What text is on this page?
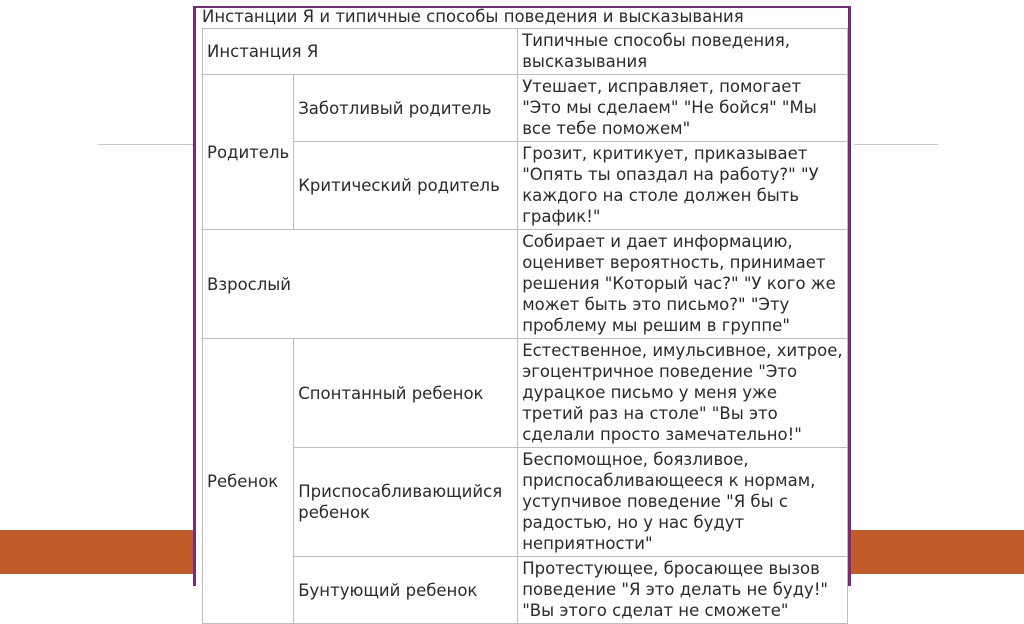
Инстанции Я и типичные способы поведения и высказывания
Инстанция Я		Типичные способы поведения, высказывания
Родитель	Заботливый родитель	Утешает, исправляет, помогает "Это мы сделаем" "Не бойся" "Мы все тебе поможем"
	Критический родитель	Грозит, критикует, приказывает "Опять ты опаздал на работу?" "У каждого на столе должен быть график!"
Взрослый		Собирает и дает информацию, оценивет вероятность, принимает решения "Который час?" "У кого же может быть это письмо?" "Эту проблему мы решим в группе"
Ребенок	Спонтанный ребенок	Естественное, имульсивное, хитрое, эгоцентричное поведение "Это дурацкое письмо у меня уже третий раз на столе" "Вы это сделали просто замечательно!"
	Приспосабливающийся ребенок	Беспомощное, боязливое, приспосабливающееся к нормам, уступчивое поведение "Я бы с радостью, но у нас будут неприятности"
	Бунтующий ребенок	Протестующее, бросающее вызов поведение "Я это делать не буду!" "Вы этого сделат не сможете"
